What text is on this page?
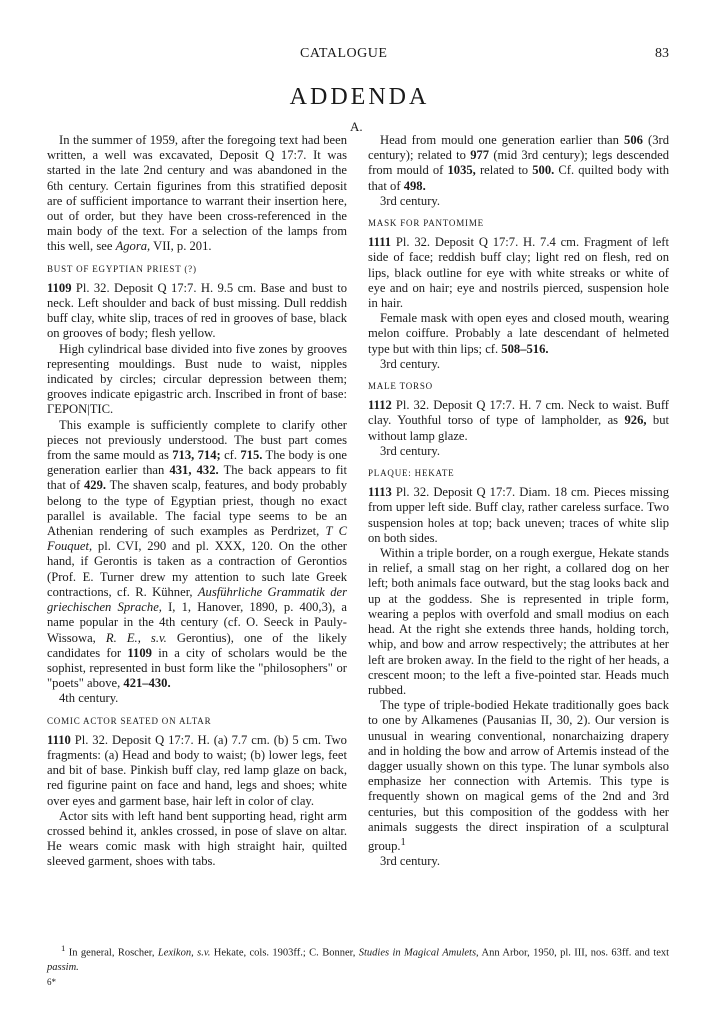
CATALOGUE	83
ADDENDA
A.

In the summer of 1959, after the foregoing text had been written, a well was excavated, Deposit Q 17:7. It was started in the late 2nd century and was abandoned in the 6th century. Certain figurines from this stratified deposit are of sufficient importance to warrant their insertion here, out of order, but they have been cross-referenced in the main body of the text. For a selection of the lamps from this well, see Agora, VII, p. 201.

BUST OF EGYPTIAN PRIEST (?)

1109 Pl. 32. Deposit Q 17:7. H. 9.5 cm. Base and bust to neck. Left shoulder and back of bust missing. Dull reddish buff clay, white slip, traces of red in grooves of base, black on grooves of body; flesh yellow.

High cylindrical base divided into five zones by grooves representing mouldings. Bust nude to waist, nipples indicated by circles; circular depression between them; grooves indicate epigastric arch. Inscribed in front of base: ΓΕΡΟΝ|ΤΙC.

This example is sufficiently complete to clarify other pieces not previously understood. The bust part comes from the same mould as 713, 714; cf. 715. The body is one generation earlier than 431, 432. The back appears to fit that of 429. The shaven scalp, features, and body probably belong to the type of Egyptian priest, though no exact parallel is available. The facial type seems to be an Athenian rendering of such examples as Perdrizet, T C Fouquet, pl. CVI, 290 and pl. XXX, 120. On the other hand, if Gerontis is taken as a contraction of Gerontios (Prof. E. Turner drew my attention to such late Greek contractions, cf. R. Kühner, Ausführliche Grammatik der griechischen Sprache, I, 1, Hanover, 1890, p. 400,3), a name popular in the 4th century (cf. O. Seeck in Pauly-Wissowa, R. E., s.v. Gerontius), one of the likely candidates for 1109 in a city of scholars would be the sophist, represented in bust form like the "philosophers" or "poets" above, 421–430.

4th century.

COMIC ACTOR SEATED ON ALTAR

1110 Pl. 32. Deposit Q 17:7. H. (a) 7.7 cm. (b) 5 cm. Two fragments: (a) Head and body to waist; (b) lower legs, feet and bit of base. Pinkish buff clay, red lamp glaze on back, red figurine paint on face and hand, legs and shoes; white over eyes and garment base, hair left in color of clay.

Actor sits with left hand bent supporting head, right arm crossed behind it, ankles crossed, in pose of slave on altar. He wears comic mask with high straight hair, quilted sleeved garment, shoes with tabs.

Head from mould one generation earlier than 506 (3rd century); related to 977 (mid 3rd century); legs descended from mould of 1035, related to 500. Cf. quilted body with that of 498.

3rd century.

MASK FOR PANTOMIME

1111 Pl. 32. Deposit Q 17:7. H. 7.4 cm. Fragment of left side of face; reddish buff clay; light red on flesh, red on lips, black outline for eye with white streaks or white of eye and on hair; eye and nostrils pierced, suspension hole in hair.

Female mask with open eyes and closed mouth, wearing melon coiffure. Probably a late descendant of helmeted type but with thin lips; cf. 508–516.

3rd century.

MALE TORSO

1112 Pl. 32. Deposit Q 17:7. H. 7 cm. Neck to waist. Buff clay. Youthful torso of type of lampholder, as 926, but without lamp glaze.

3rd century.

PLAQUE: HEKATE

1113 Pl. 32. Deposit Q 17:7. Diam. 18 cm. Pieces missing from upper left side. Buff clay, rather careless surface. Two suspension holes at top; back uneven; traces of white slip on both sides.

Within a triple border, on a rough exergue, Hekate stands in relief, a small stag on her right, a collared dog on her left; both animals face outward, but the stag looks back and up at the goddess. She is represented in triple form, wearing a peplos with overfold and small modius on each head. At the right she extends three hands, holding torch, whip, and bow and arrow respectively; the attributes at her left are broken away. In the field to the right of her heads, a crescent moon; to the left a five-pointed star. Heads much rubbed.

The type of triple-bodied Hekate traditionally goes back to one by Alkamenes (Pausanias II, 30, 2). Our version is unusual in wearing conventional, nonarchaizing drapery and in holding the bow and arrow of Artemis instead of the dagger usually shown on this type. The lunar symbols also emphasize her connection with Artemis. This type is frequently shown on magical gems of the 2nd and 3rd centuries, but this composition of the goddess with her animals suggests the direct inspiration of a sculptural group.$^1$

3rd century.

$^1$ In general, Roscher, Lexikon, s.v. Hekate, cols. 1903ff.; C. Bonner, Studies in Magical Amulets, Ann Arbor, 1950, pl. III, nos. 63ff. and text passim.

6*
